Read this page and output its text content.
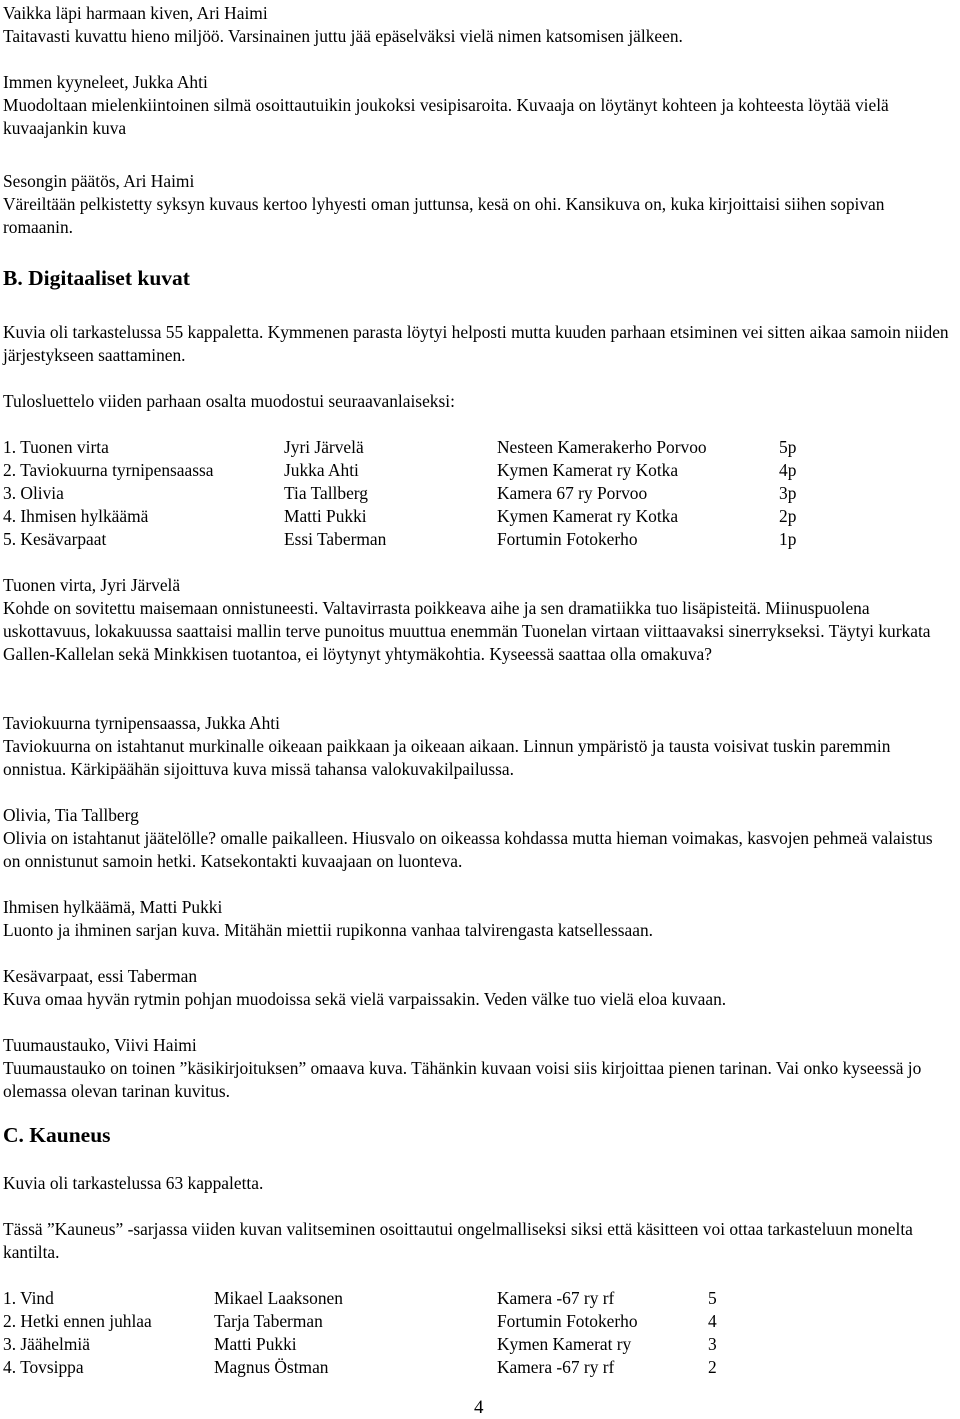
Vaikka läpi harmaan kiven, Ari Haimi

Taitavasti kuvattu hieno miljöö. Varsinainen juttu jää epäselväksi vielä nimen katsomisen jälkeen.

Immen kyyneleet, Jukka Ahti

Muodoltaan mielenkiintoinen silmä osoittautuikin joukoksi vesipisaroita. Kuvaaja on löytänyt kohteen ja kohteesta löytää vielä kuvaajankin kuva

Sesongin päätös, Ari Haimi

Väreiltään pelkistetty syksyn kuvaus kertoo lyhyesti oman juttunsa, kesä on ohi. Kansikuva on, kuka kirjoittaisi siihen sopivan romaanin.

B. Digitaaliset kuvat

Kuvia oli tarkastelussa 55 kappaletta. Kymmenen parasta löytyi helposti mutta kuuden parhaan etsiminen vei sitten aikaa samoin niiden järjestykseen saattaminen.

Tulosluettelo viiden parhaan osalta muodostui seuraavanlaiseksi:

1. Tuonen virta	Jyri Järvelä	Nesteen Kamerakerho Porvoo	5p
2. Taviokuurna tyrnipensaassa	Jukka Ahti	Kymen Kamerat ry Kotka	4p
3. Olivia	Tia Tallberg	Kamera 67 ry Porvoo	3p
4. Ihmisen hylkäämä	Matti Pukki	Kymen Kamerat ry Kotka	2p
5. Kesävarpaat	Essi Taberman	Fortumin Fotokerho	1p

Tuonen virta, Jyri Järvelä

Kohde on sovitettu maisemaan onnistuneesti. Valtavirrasta poikkeava aihe ja sen dramatiikka tuo lisäpisteitä. Miinuspuolena uskottavuus, lokakuussa saattaisi mallin terve punoitus muuttua enemmän Tuonelan virtaan viittaavaksi sinerrykseksi. Täytyi kurkata Gallen-Kallelan sekä Minkkisen tuotantoa, ei löytynyt yhtymäkohtia. Kyseessä saattaa olla omakuva?

Taviokuurna tyrnipensaassa, Jukka Ahti

Taviokuurna on istahtanut murkinalle oikeaan paikkaan ja oikeaan aikaan. Linnun ympäristö ja tausta voisivat tuskin paremmin onnistua. Kärkipäähän sijoittuva kuva missä tahansa valokuvakilpailussa.

Olivia, Tia Tallberg

Olivia on istahtanut jäätelölle? omalle paikalleen. Hiusvalo on oikeassa kohdassa mutta hieman voimakas, kasvojen pehmeä valaistus on onnistunut samoin hetki. Katsekontakti kuvaajaan on luonteva.

Ihmisen hylkäämä, Matti Pukki

Luonto ja ihminen sarjan kuva. Mitähän miettii rupikonna vanhaa talvirengasta katsellessaan.

Kesävarpaat, essi Taberman

Kuva omaa hyvän rytmin pohjan muodoissa sekä vielä varpaissakin. Veden välke tuo vielä eloa kuvaan.

Tuumaustauko, Viivi Haimi

Tuumaustauko on toinen ”käsikirjoituksen” omaava kuva. Tähänkin kuvaan voisi siis kirjoittaa pienen tarinan. Vai onko kyseessä jo olemassa olevan tarinan kuvitus.

C. Kauneus

Kuvia oli tarkastelussa 63 kappaletta.

Tässä ”Kauneus” -sarjassa viiden kuvan valitseminen osoittautui ongelmalliseksi siksi että käsitteen voi ottaa tarkasteluun monelta kantilta.

1. Vind	Mikael Laaksonen	Kamera -67 ry rf	5
2. Hetki ennen juhlaa	Tarja Taberman	Fortumin Fotokerho	4
3. Jäähelmiä	Matti Pukki	Kymen Kamerat ry	3
4. Tovsippa	Magnus Östman	Kamera -67 ry rf	2
4
